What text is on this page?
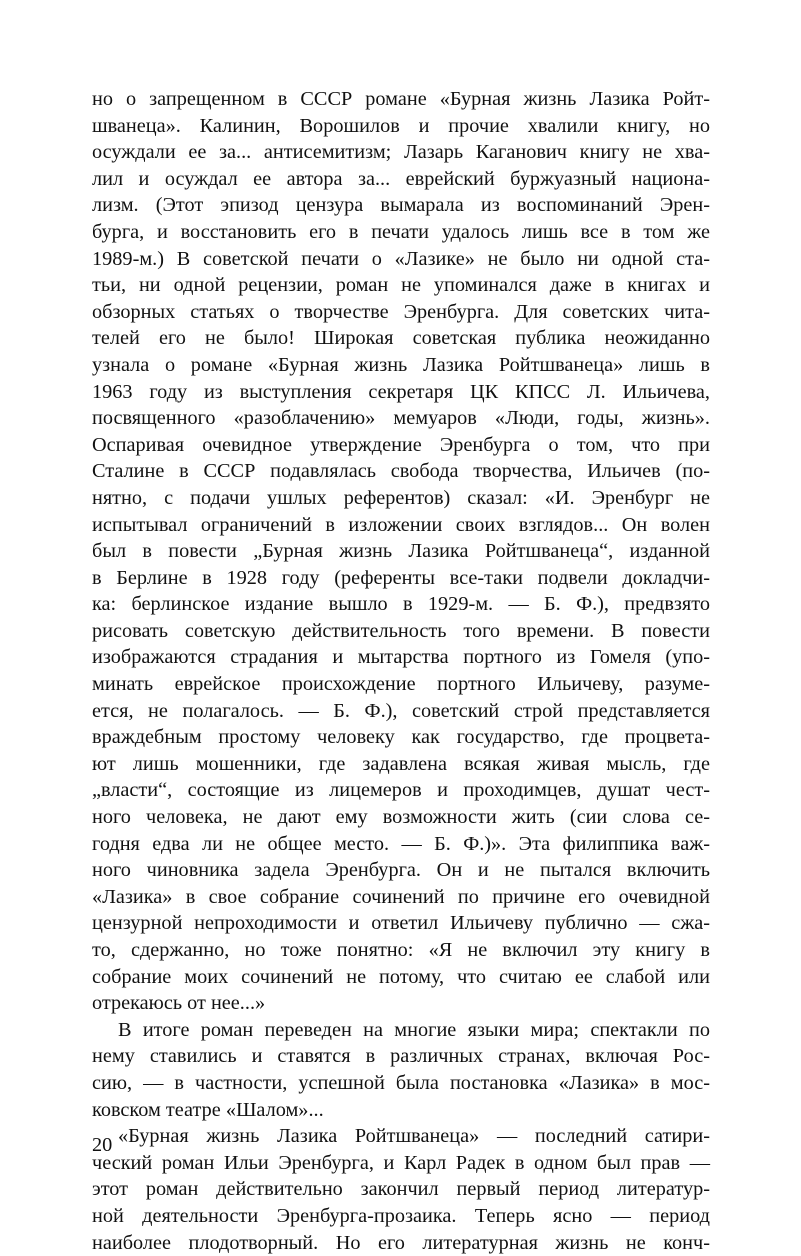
но о запрещенном в СССР романе «Бурная жизнь Лазика Ройт-
шванеца». Калинин, Ворошилов и прочие хвалили книгу, но
осуждали ее за... антисемитизм; Лазарь Каганович книгу не хва-
лил и осуждал ее автора за... еврейский буржуазный национа-
лизм. (Этот эпизод цензура вымарала из воспоминаний Эрен-
бурга, и восстановить его в печати удалось лишь все в том же
1989-м.) В советской печати о «Лазике» не было ни одной ста-
тьи, ни одной рецензии, роман не упоминался даже в книгах и
обзорных статьях о творчестве Эренбурга. Для советских чита-
телей его не было! Широкая советская публика неожиданно
узнала о романе «Бурная жизнь Лазика Ройтшванеца» лишь в
1963 году из выступления секретаря ЦК КПСС Л. Ильичева,
посвященного «разоблачению» мемуаров «Люди, годы, жизнь».
Оспаривая очевидное утверждение Эренбурга о том, что при
Сталине в СССР подавлялась свобода творчества, Ильичев (по-
нятно, с подачи ушлых референтов) сказал: «И. Эренбург не
испытывал ограничений в изложении своих взглядов... Он волен
был в повести „Бурная жизнь Лазика Ройтшванеца“, изданной
в Берлине в 1928 году (референты все-таки подвели докладчи-
ка: берлинское издание вышло в 1929-м. — Б. Ф.), предвзято
рисовать советскую действительность того времени. В повести
изображаются страдания и мытарства портного из Гомеля (упо-
минать еврейское происхождение портного Ильичеву, разуме-
ется, не полагалось. — Б. Ф.), советский строй представляется
враждебным простому человеку как государство, где процвета-
ют лишь мошенники, где задавлена всякая живая мысль, где
„власти“, состоящие из лицемеров и проходимцев, душат чест-
ного человека, не дают ему возможности жить (сии слова се-
годня едва ли не общее место. — Б. Ф.)». Эта филиппика важ-
ного чиновника задела Эренбурга. Он и не пытался включить
«Лазика» в свое собрание сочинений по причине его очевидной
цензурной непроходимости и ответил Ильичеву публично — сжа-
то, сдержанно, но тоже понятно: «Я не включил эту книгу в
собрание моих сочинений не потому, что считаю ее слабой или
отрекаюсь от нее...»
В итоге роман переведен на многие языки мира; спектакли по
нему ставились и ставятся в различных странах, включая Рос-
сию, — в частности, успешной была постановка «Лазика» в мос-
ковском театре «Шалом»...
«Бурная жизнь Лазика Ройтшванеца» — последний сатири-
ческий роман Ильи Эренбурга, и Карл Радек в одном был прав —
этот роман действительно закончил первый период литератур-
ной деятельности Эренбурга-прозаика. Теперь ясно — период
наиболее плодотворный. Но его литературная жизнь не конч-
20
